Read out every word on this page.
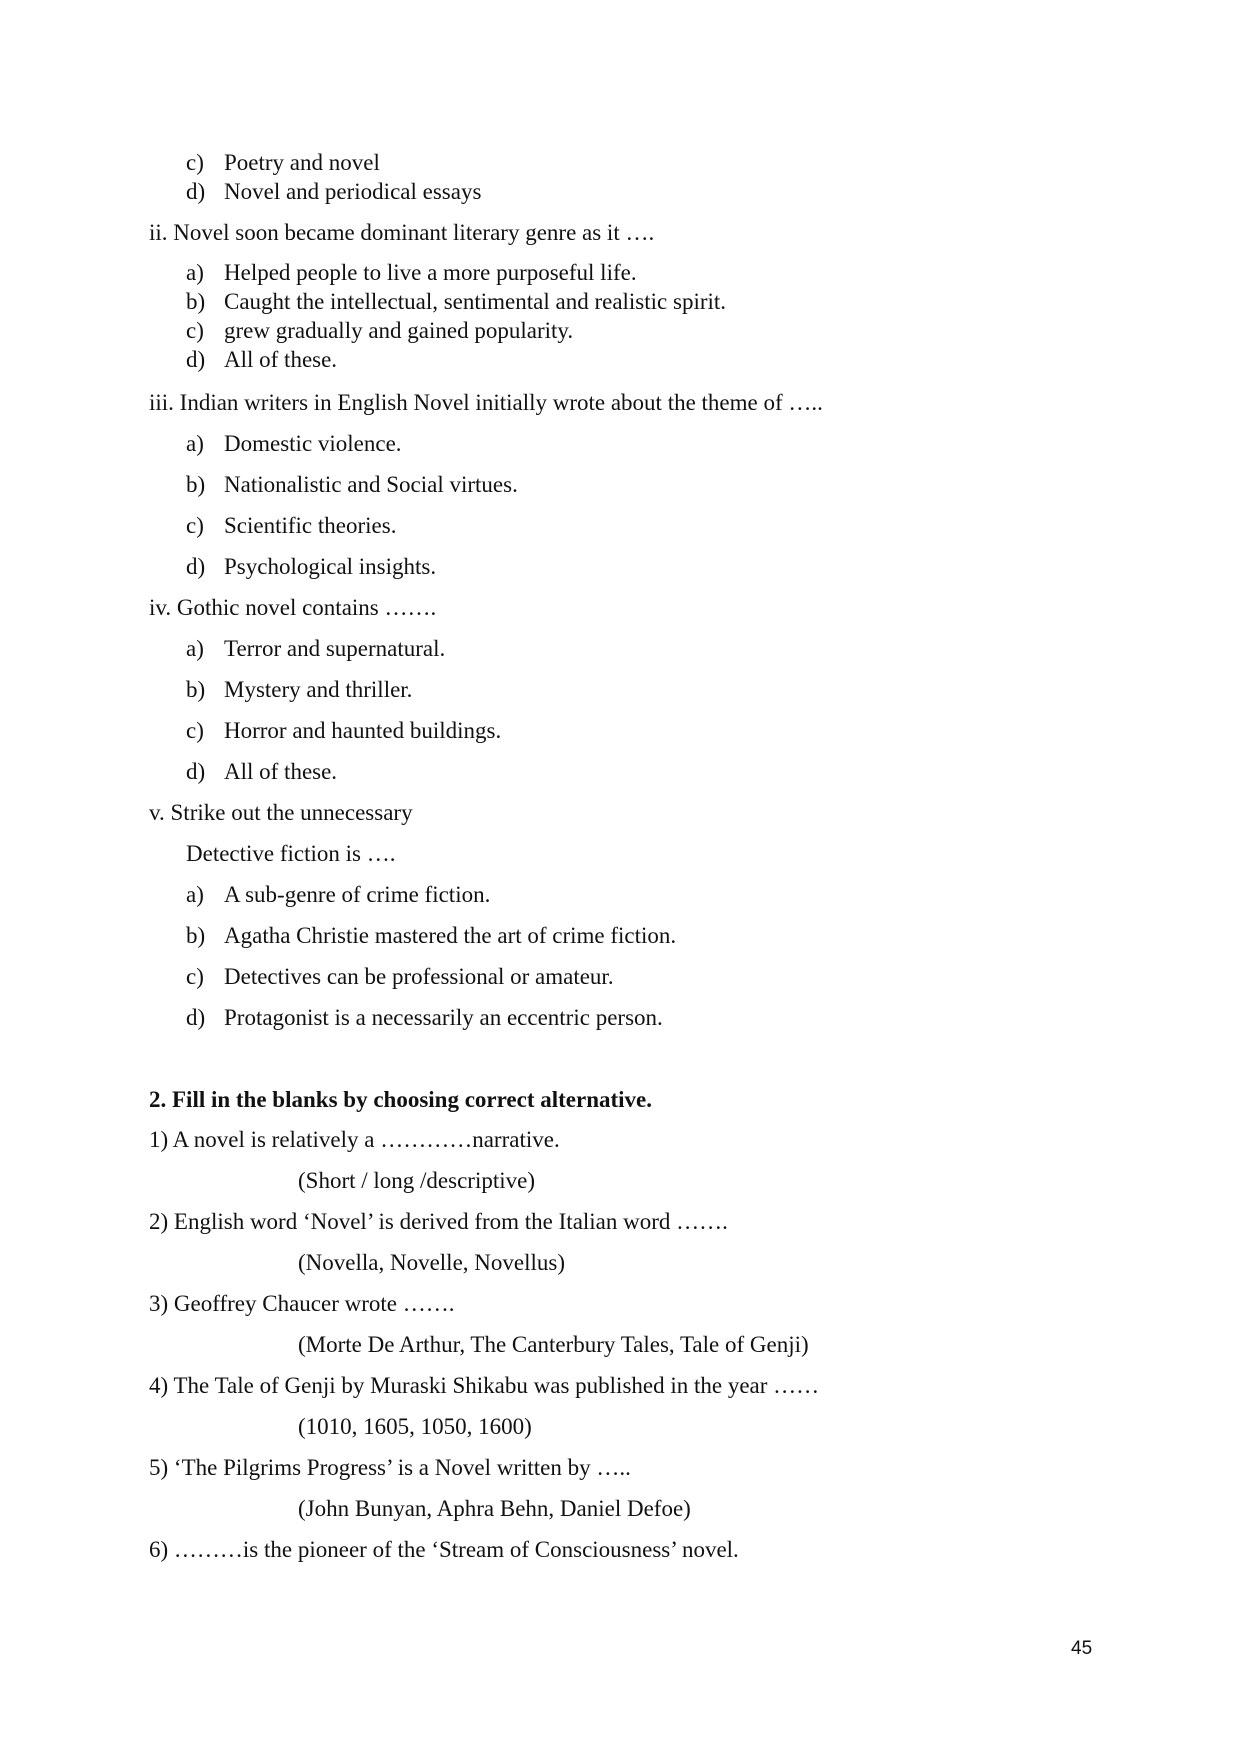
c) Poetry and novel
d) Novel and periodical essays
ii. Novel soon became dominant literary genre as it ….
a) Helped people to live a more purposeful life.
b) Caught the intellectual, sentimental and realistic spirit.
c) grew gradually and gained popularity.
d) All of these.
iii. Indian writers in English Novel initially wrote about the theme of …..
a) Domestic violence.
b) Nationalistic and Social virtues.
c) Scientific theories.
d) Psychological insights.
iv. Gothic novel contains …….
a) Terror and supernatural.
b) Mystery and thriller.
c) Horror and haunted buildings.
d) All of these.
v. Strike out the unnecessary
Detective fiction is ….
a) A sub-genre of crime fiction.
b) Agatha Christie mastered the art of crime fiction.
c) Detectives can be professional or amateur.
d) Protagonist is a necessarily an eccentric person.
2. Fill in the blanks by choosing correct alternative.
1) A novel is relatively a …………narrative.
(Short / long /descriptive)
2) English word ‘Novel’ is derived from the Italian word …….
(Novella, Novelle, Novellus)
3) Geoffrey Chaucer wrote …….
(Morte De Arthur, The Canterbury Tales, Tale of Genji)
4) The Tale of Genji by Muraski Shikabu was published in the year ……
(1010, 1605, 1050, 1600)
5) ‘The Pilgrims Progress’ is a Novel written by …..
(John Bunyan, Aphra Behn, Daniel Defoe)
6) ………is the pioneer of the ‘Stream of Consciousness’ novel.
45
